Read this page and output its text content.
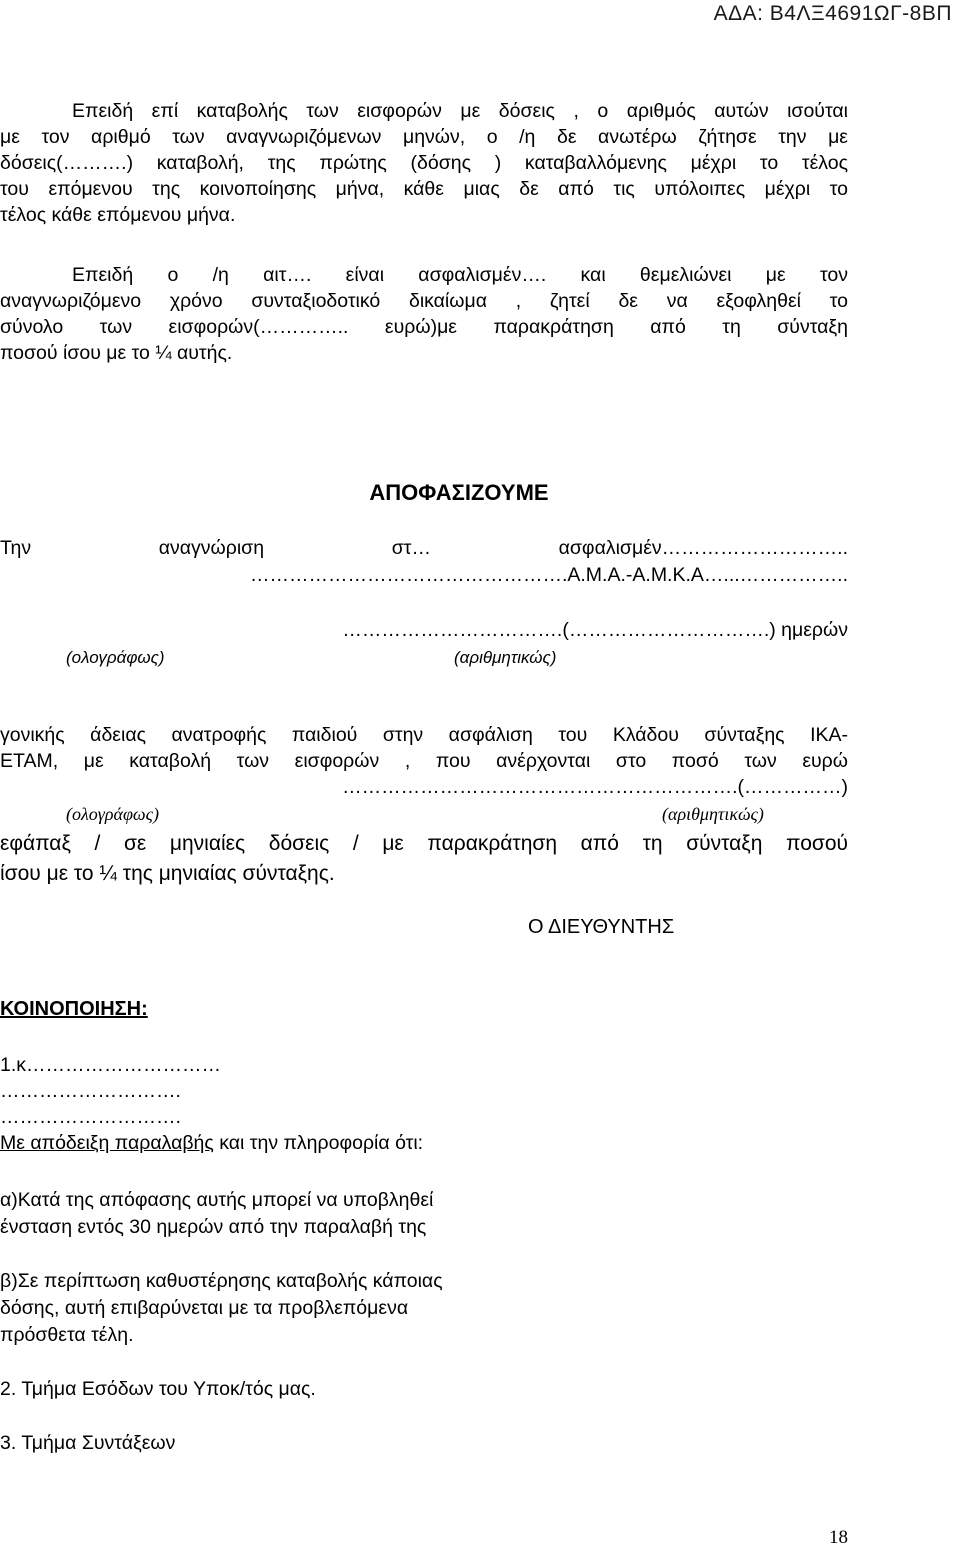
ΑΔΑ: Β4ΛΞ4691ΩΓ-8ΒΠ
Επειδή επί καταβολής των εισφορών με δόσεις , ο αριθμός αυτών ισούται
με τον αριθμό των αναγνωριζόμενων μηνών, ο /η δε ανωτέρω ζήτησε την με
δόσεις(……….) καταβολή, της πρώτης (δόσης ) καταβαλλόμενης μέχρι το τέλος
του επόμενου της κοινοποίησης μήνα, κάθε μιας δε από τις υπόλοιπες μέχρι το
τέλος κάθε επόμενου μήνα.
Επειδή ο /η αιτ…. είναι ασφαλισμέν…. και θεμελιώνει με τον
αναγνωριζόμενο χρόνο συνταξιοδοτικό δικαίωμα , ζητεί δε να εξοφληθεί το
σύνολο των εισφορών(………….. ευρώ)με παρακράτηση από τη σύνταξη
ποσού ίσου με το ¼ αυτής.
ΑΠΟΦΑΣΙΖΟΥΜΕ
Την	αναγνώριση	στ…	ασφαλισμέν………………………..
………………………………………….Α.Μ.Α.-Α.Μ.Κ.Α…...……………..
…………………………….(………………………….) ημερών
(ολογράφως)	(αριθμητικώς)
γονικής άδειας ανατροφής παιδιού στην ασφάλιση του Κλάδου σύνταξης ΙΚΑ-
ΕΤΑΜ, με καταβολή των εισφορών , που ανέρχονται στο ποσό των ευρώ
…………………………………………………….(……………)
(ολογράφως)	(αριθμητικώς)
εφάπαξ / σε μηνιαίες δόσεις / με παρακράτηση από τη σύνταξη ποσού
ίσου με το ¼ της μηνιαίας σύνταξης.
Ο ΔΙΕΥΘΥΝΤΗΣ
ΚΟΙΝΟΠΟΙΗΣΗ:
1.κ…………………………
……………………….
……………………….
Με απόδειξη παραλαβής και την πληροφορία ότι:
α)Κατά της απόφασης αυτής μπορεί να υποβληθεί
ένσταση εντός 30 ημερών από την παραλαβή της
β)Σε περίπτωση καθυστέρησης καταβολής κάποιας
δόσης, αυτή επιβαρύνεται με τα προβλεπόμενα
πρόσθετα τέλη.
2. Τμήμα Εσόδων του Υποκ/τός μας.
3. Τμήμα Συντάξεων
18
